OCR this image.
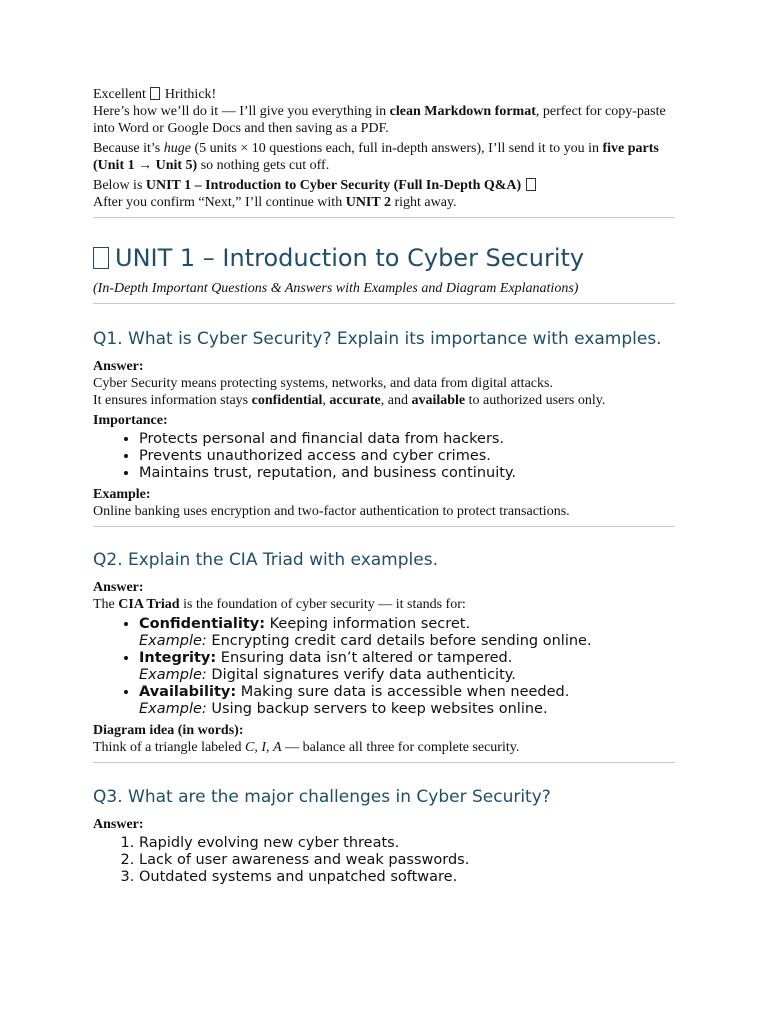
Excellent  Hrithick!

Here’s how we’ll do it — I’ll give you everything in clean Markdown format, perfect for copy-paste into Word or Google Docs and then saving as a PDF.

Because it’s huge (5 units × 10 questions each, full in-depth answers), I’ll send it to you in five parts (Unit 1 → Unit 5) so nothing gets cut off.

Below is UNIT 1 – Introduction to Cyber Security (Full In-Depth Q&A)

After you confirm “Next,” I’ll continue with UNIT 2 right away.

UNIT 1 – Introduction to Cyber Security

(In-Depth Important Questions & Answers with Examples and Diagram Explanations)

Q1. What is Cyber Security? Explain its importance with examples.

Answer:

Cyber Security means protecting systems, networks, and data from digital attacks.

It ensures information stays confidential, accurate, and available to authorized users only.

Importance:

• Protects personal and financial data from hackers.
• Prevents unauthorized access and cyber crimes.
• Maintains trust, reputation, and business continuity.

Example:

Online banking uses encryption and two-factor authentication to protect transactions.

Q2. Explain the CIA Triad with examples.

Answer:

The CIA Triad is the foundation of cyber security — it stands for:

• Confidentiality: Keeping information secret.
Example: Encrypting credit card details before sending online.
• Integrity: Ensuring data isn’t altered or tampered.
Example: Digital signatures verify data authenticity.
• Availability: Making sure data is accessible when needed.
Example: Using backup servers to keep websites online.

Diagram idea (in words):

Think of a triangle labeled C, I, A — balance all three for complete security.

Q3. What are the major challenges in Cyber Security?

Answer:

1. Rapidly evolving new cyber threats.
2. Lack of user awareness and weak passwords.
3. Outdated systems and unpatched software.
